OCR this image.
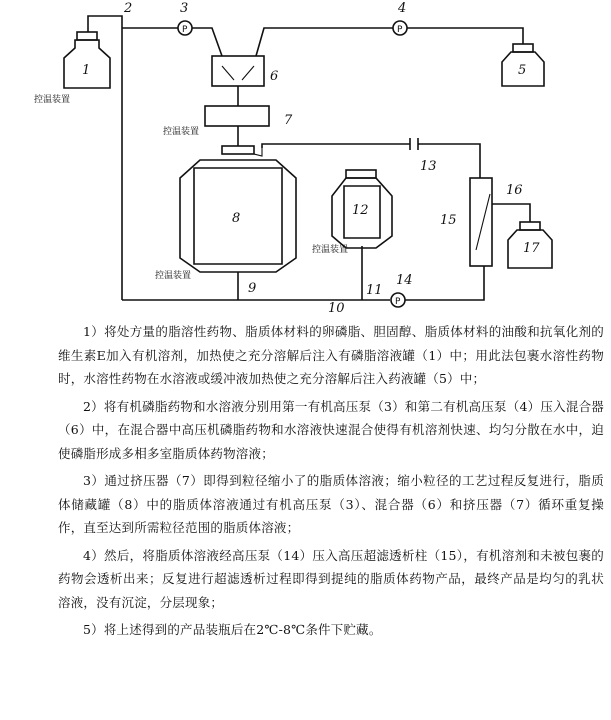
1
控温装置
2
P
3
P
4
5
6
7
控温装置
8
控温装置
9
10
11
P
14
12
控温装置
13
15
16
17

1）将处方量的脂溶性药物、脂质体材料的卵磷脂、胆固醇、脂质体材料的油酸和抗氧化剂的维生素E加入有机溶剂，加热使之充分溶解后注入有磷脂溶液罐（1）中；用此法包裹水溶性药物时，水溶性药物在水溶液或缓冲液加热使之充分溶解后注入药液罐（5）中；

2）将有机磷脂药物和水溶液分别用第一有机高压泵（3）和第二有机高压泵（4）压入混合器（6）中，在混合器中高压机磷脂药物和水溶液快速混合使得有机溶剂快速、均匀分散在水中，迫使磷脂形成多相多室脂质体药物溶液；

3）通过挤压器（7）即得到粒径缩小了的脂质体溶液；缩小粒径的工艺过程反复进行，脂质体储藏罐（8）中的脂质体溶液通过有机高压泵（3）、混合器（6）和挤压器（7）循环重复操作，直至达到所需粒径范围的脂质体溶液；

4）然后，将脂质体溶液经高压泵（14）压入高压超滤透析柱（15），有机溶剂和未被包裹的药物会透析出来；反复进行超滤透析过程即得到提纯的脂质体药物产品，最终产品是均匀的乳状溶液，没有沉淀，分层现象；

5）将上述得到的产品装瓶后在2℃-8℃条件下贮藏。
